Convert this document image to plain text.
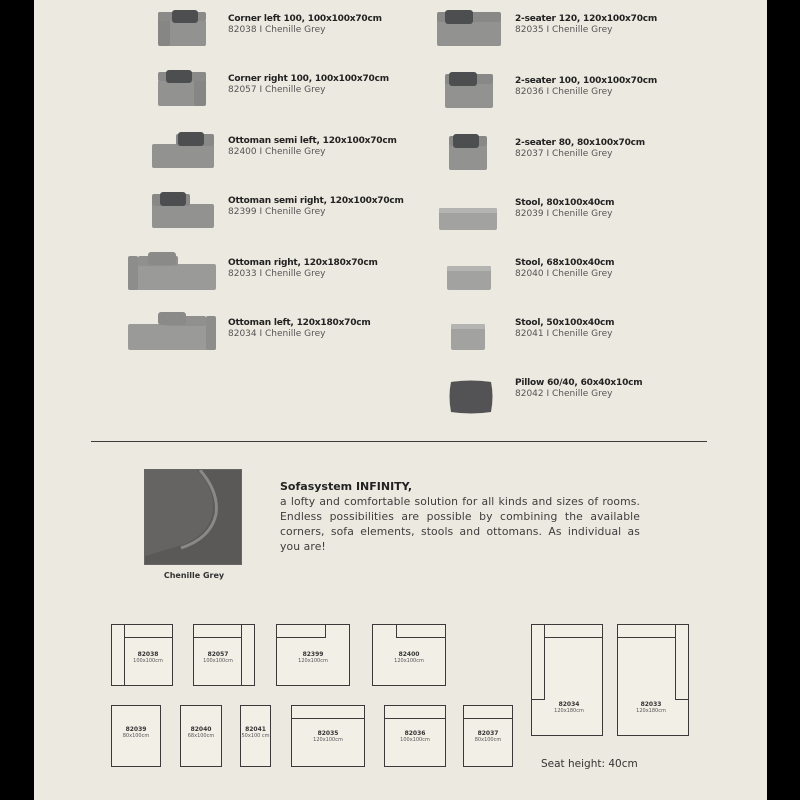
Corner left 100, 100x100x70cm
82038 I Chenille Grey
Corner right 100, 100x100x70cm
82057 I Chenille Grey
Ottoman semi left, 120x100x70cm
82400 I Chenille Grey
Ottoman semi right, 120x100x70cm
82399 I Chenille Grey
Ottoman right, 120x180x70cm
82033 I Chenille Grey
Ottoman left, 120x180x70cm
82034 I Chenille Grey
2-seater 120, 120x100x70cm
82035 I Chenille Grey
2-seater 100, 100x100x70cm
82036 I Chenille Grey
2-seater 80, 80x100x70cm
82037 I Chenille Grey
Stool, 80x100x40cm
82039 I Chenille Grey
Stool, 68x100x40cm
82040 I Chenille Grey
Stool, 50x100x40cm
82041 I Chenille Grey
Pillow 60/40, 60x40x10cm
82042 I Chenille Grey
Chenille Grey
Sofasystem INFINITY,
a lofty and comfortable solution for all kinds and sizes of rooms. Endless possibilities are possible by combining the available corners, sofa elements, stools and ottomans. As individual as you are!
82038
100x100cm
82057
100x100cm
82399
120x100cm
82400
120x100cm
82034
120x180cm
82033
120x180cm
82039
80x100cm
82040
68x100cm
82041
50x100 cm	82035
120x100cm
82036
100x100cm
82037
80x100cm
Seat height: 40cm
